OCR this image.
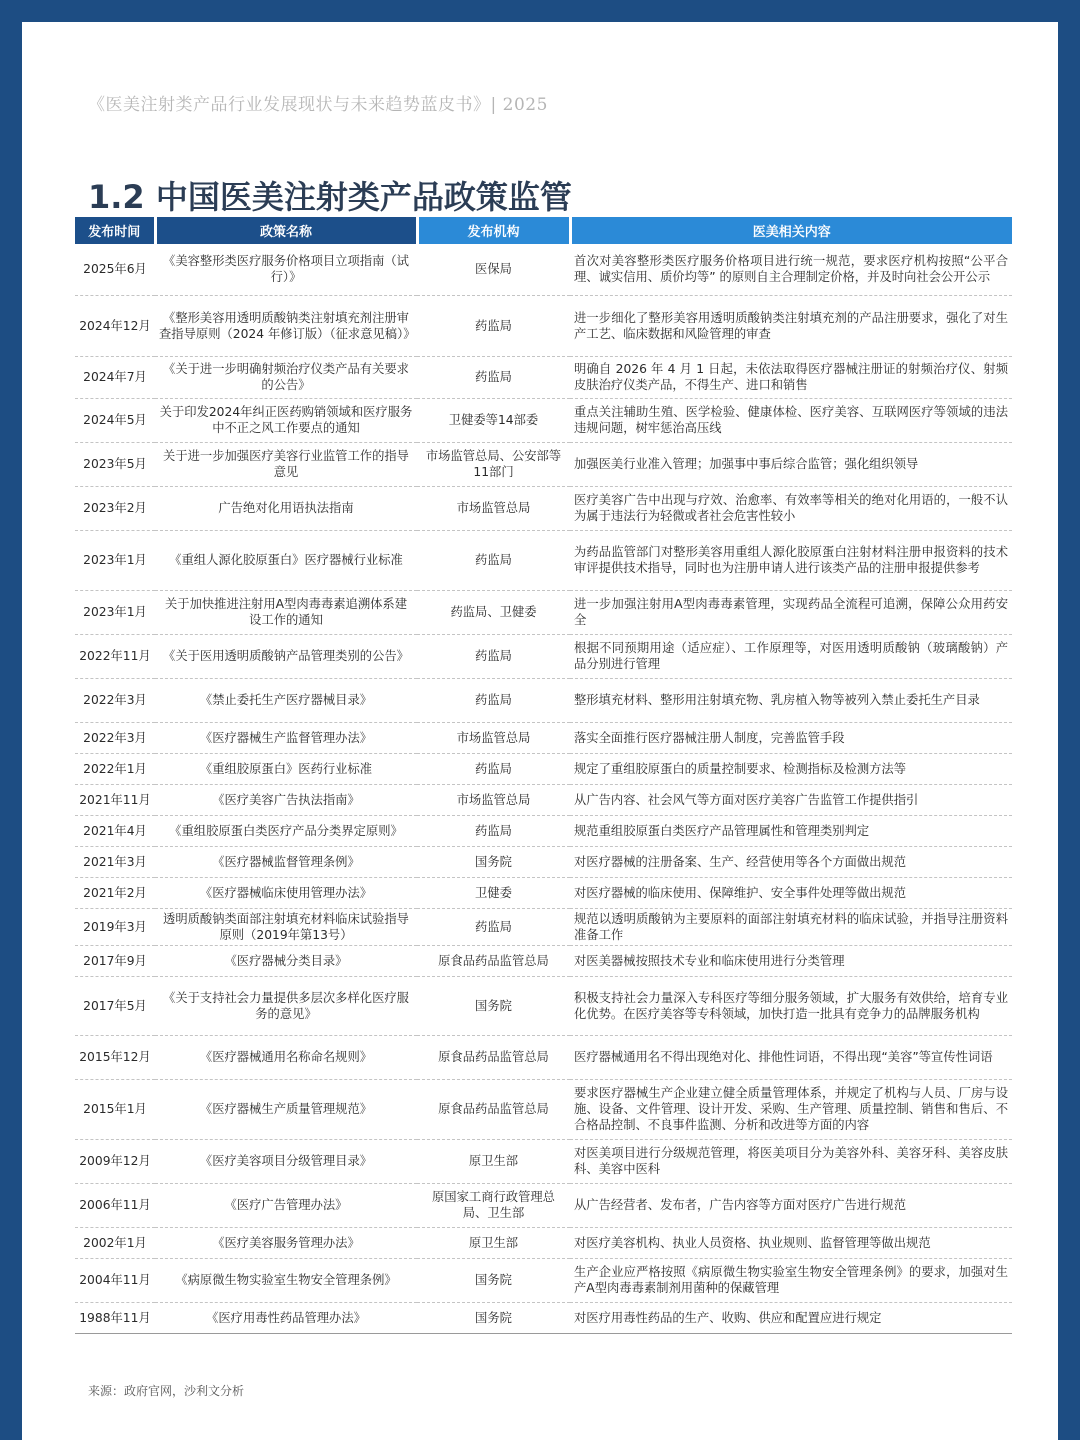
《医美注射类产品行业发展现状与未来趋势蓝皮书》| 2025
1.2 中国医美注射类产品政策监管
发布时间	政策名称	发布机构	医美相关内容
2025年6月	《美容整形类医疗服务价格项目立项指南（试行）》	医保局	首次对美容整形类医疗服务价格项目进行统一规范，要求医疗机构按照“公平合理、诚实信用、质价均等” 的原则自主合理制定价格，并及时向社会公开公示
2024年12月	《整形美容用透明质酸钠类注射填充剂注册审查指导原则（2024 年修订版）（征求意见稿）》	药监局	进一步细化了整形美容用透明质酸钠类注射填充剂的产品注册要求，强化了对生产工艺、临床数据和风险管理的审查
2024年7月	《关于进一步明确射频治疗仪类产品有关要求的公告》	药监局	明确自 2026 年 4 月 1 日起，未依法取得医疗器械注册证的射频治疗仪、射频皮肤治疗仪类产品，不得生产、进口和销售
2024年5月	关于印发2024年纠正医药购销领域和医疗服务中不正之风工作要点的通知	卫健委等14部委	重点关注辅助生殖、医学检验、健康体检、医疗美容、互联网医疗等领域的违法违规问题，树牢惩治高压线
2023年5月	关于进一步加强医疗美容行业监管工作的指导意见	市场监管总局、公安部等11部门	加强医美行业准入管理；加强事中事后综合监管；强化组织领导
2023年2月	广告绝对化用语执法指南	市场监管总局	医疗美容广告中出现与疗效、治愈率、有效率等相关的绝对化用语的，一般不认为属于违法行为轻微或者社会危害性较小
2023年1月	《重组人源化胶原蛋白》医疗器械行业标准	药监局	为药品监管部门对整形美容用重组人源化胶原蛋白注射材料注册申报资料的技术审评提供技术指导，同时也为注册申请人进行该类产品的注册申报提供参考
2023年1月	关于加快推进注射用A型肉毒毒素追溯体系建设工作的通知	药监局、卫健委	进一步加强注射用A型肉毒毒素管理，实现药品全流程可追溯，保障公众用药安全
2022年11月	《关于医用透明质酸钠产品管理类别的公告》	药监局	根据不同预期用途（适应症）、工作原理等，对医用透明质酸钠（玻璃酸钠）产品分别进行管理
2022年3月	《禁止委托生产医疗器械目录》	药监局	整形填充材料、整形用注射填充物、乳房植入物等被列入禁止委托生产目录
2022年3月	《医疗器械生产监督管理办法》	市场监管总局	落实全面推行医疗器械注册人制度，完善监管手段
2022年1月	《重组胶原蛋白》医药行业标准	药监局	规定了重组胶原蛋白的质量控制要求、检测指标及检测方法等
2021年11月	《医疗美容广告执法指南》	市场监管总局	从广告内容、社会风气等方面对医疗美容广告监管工作提供指引
2021年4月	《重组胶原蛋白类医疗产品分类界定原则》	药监局	规范重组胶原蛋白类医疗产品管理属性和管理类别判定
2021年3月	《医疗器械监督管理条例》	国务院	对医疗器械的注册备案、生产、经营使用等各个方面做出规范
2021年2月	《医疗器械临床使用管理办法》	卫健委	对医疗器械的临床使用、保障维护、安全事件处理等做出规范
2019年3月	透明质酸钠类面部注射填充材料临床试验指导原则（2019年第13号）	药监局	规范以透明质酸钠为主要原料的面部注射填充材料的临床试验，并指导注册资料准备工作
2017年9月	《医疗器械分类目录》	原食品药品监管总局	对医美器械按照技术专业和临床使用进行分类管理
2017年5月	《关于支持社会力量提供多层次多样化医疗服务的意见》	国务院	积极支持社会力量深入专科医疗等细分服务领域，扩大服务有效供给，培育专业化优势。在医疗美容等专科领域，加快打造一批具有竞争力的品牌服务机构
2015年12月	《医疗器械通用名称命名规则》	原食品药品监管总局	医疗器械通用名不得出现绝对化、排他性词语，不得出现“美容”等宣传性词语
2015年1月	《医疗器械生产质量管理规范》	原食品药品监管总局	要求医疗器械生产企业建立健全质量管理体系，并规定了机构与人员、厂房与设施、设备、文件管理、设计开发、采购、生产管理、质量控制、销售和售后、不合格品控制、不良事件监测、分析和改进等方面的内容
2009年12月	《医疗美容项目分级管理目录》	原卫生部	对医美项目进行分级规范管理，将医美项目分为美容外科、美容牙科、美容皮肤科、美容中医科
2006年11月	《医疗广告管理办法》	原国家工商行政管理总局、卫生部	从广告经营者、发布者，广告内容等方面对医疗广告进行规范
2002年1月	《医疗美容服务管理办法》	原卫生部	对医疗美容机构、执业人员资格、执业规则、监督管理等做出规范
2004年11月	《病原微生物实验室生物安全管理条例》	国务院	生产企业应严格按照《病原微生物实验室生物安全管理条例》的要求，加强对生产A型肉毒毒素制剂用菌种的保藏管理
1988年11月	《医疗用毒性药品管理办法》	国务院	对医疗用毒性药品的生产、收购、供应和配置应进行规定
来源：政府官网，沙利文分析
